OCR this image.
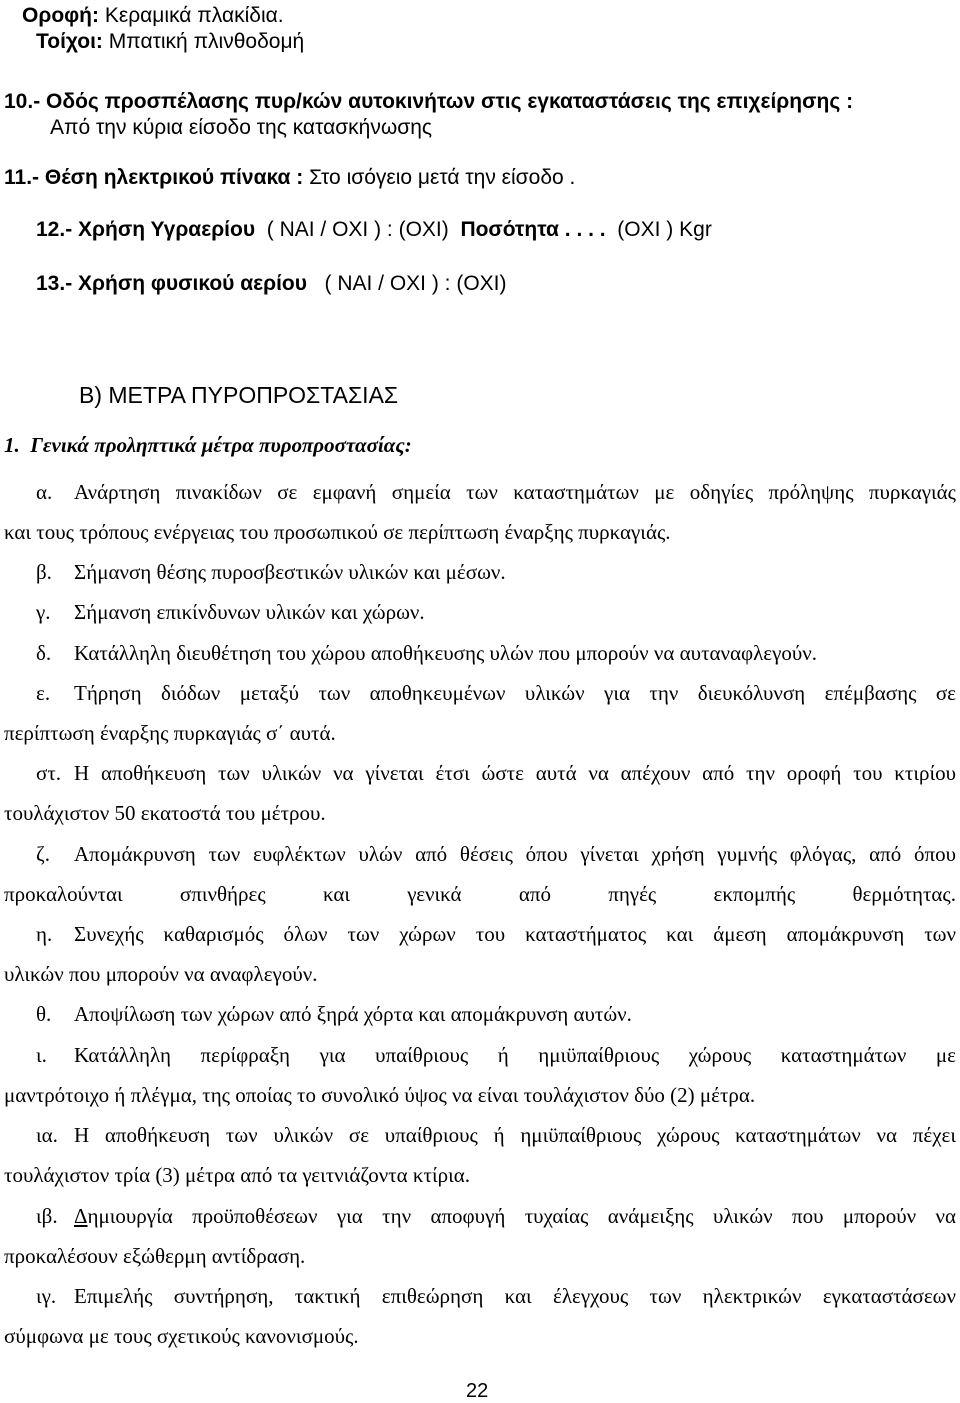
Οροφή: Κεραμικά πλακίδια.
Τοίχοι: Μπατική πλινθοδομή
10.- Οδός προσπέλασης πυρ/κών αυτοκινήτων στις εγκαταστάσεις της επιχείρησης :
Από την κύρια είσοδο της κατασκήνωσης
11.- Θέση ηλεκτρικού πίνακα : Στο ισόγειο μετά την είσοδο .
12.- Χρήση Υγραερίου ( ΝΑΙ / ΟΧΙ ) : (ΟΧΙ) Ποσότητα . . . . (ΟΧΙ ) Kgr
13.- Χρήση φυσικού αερίου ( ΝΑΙ / ΟΧΙ ) : (ΟΧΙ)
Β) ΜΕΤΡΑ ΠΥΡΟΠΡΟΣΤΑΣΙΑΣ
1. Γενικά προληπτικά μέτρα πυροπροστασίας:
α. Ανάρτηση πινακίδων σε εμφανή σημεία των καταστημάτων με οδηγίες πρόληψης πυρκαγιάς
και τους τρόπους ενέργειας του προσωπικού σε περίπτωση έναρξης πυρκαγιάς.
β. Σήμανση θέσης πυροσβεστικών υλικών και μέσων.
γ. Σήμανση επικίνδυνων υλικών και χώρων.
δ. Κατάλληλη διευθέτηση του χώρου αποθήκευσης υλών που μπορούν να αυταναφλεγούν.
ε. Τήρηση διόδων μεταξύ των αποθηκευμένων υλικών για την διευκόλυνση επέμβασης σε
περίπτωση έναρξης πυρκαγιάς σ΄ αυτά.
στ. Η αποθήκευση των υλικών να γίνεται έτσι ώστε αυτά να απέχουν από την οροφή του κτιρίου
τουλάχιστον 50 εκατοστά του μέτρου.
ζ. Απομάκρυνση των ευφλέκτων υλών από θέσεις όπου γίνεται χρήση γυμνής φλόγας, από όπου
προκαλούνται σπινθήρες και γενικά από πηγές εκπομπής θερμότητας.
η. Συνεχής καθαρισμός όλων των χώρων του καταστήματος και άμεση απομάκρυνση των
υλικών που μπορούν να αναφλεγούν.
θ. Αποψίλωση των χώρων από ξηρά χόρτα και απομάκρυνση αυτών.
ι. Κατάλληλη περίφραξη για υπαίθριους ή ημιϋπαίθριους χώρους καταστημάτων με
μαντρότοιχο ή πλέγμα, της οποίας το συνολικό ύψος να είναι τουλάχιστον δύο (2) μέτρα.
ια. Η αποθήκευση των υλικών σε υπαίθριους ή ημιϋπαίθριους χώρους καταστημάτων να πέχει
τουλάχιστον τρία (3) μέτρα από τα γειτνιάζοντα κτίρια.
ιβ. Δημιουργία προϋποθέσεων για την αποφυγή τυχαίας ανάμειξης υλικών που μπορούν να
προκαλέσουν εξώθερμη αντίδραση.
ιγ. Επιμελής συντήρηση, τακτική επιθεώρηση και έλεγχους των ηλεκτρικών εγκαταστάσεων
σύμφωνα με τους σχετικούς κανονισμούς.
22
